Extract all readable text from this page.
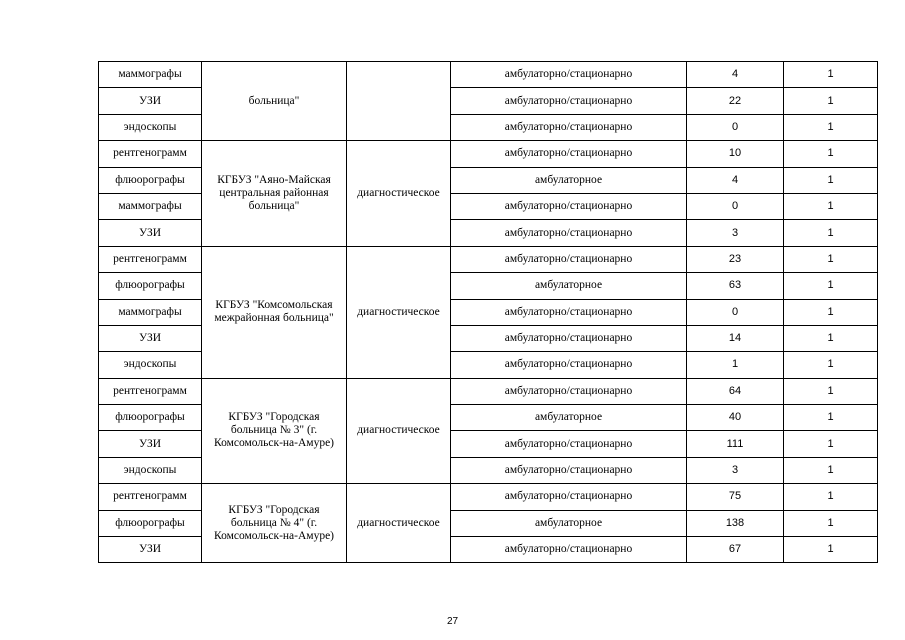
маммографы	больница"		амбулаторно/стационарно	4	1
УЗИ			амбулаторно/стационарно	22	1
эндоскопы			амбулаторно/стационарно	0	1
рентгенограмм	КГБУЗ "Аяно-Майская центральная районная больница"	диагностическое	амбулаторно/стационарно	10	1
флюорографы			амбулаторное	4	1
маммографы			амбулаторно/стационарно	0	1
УЗИ			амбулаторно/стационарно	3	1
рентгенограмм	КГБУЗ "Комсомольская межрайонная больница"	диагностическое	амбулаторно/стационарно	23	1
флюорографы			амбулаторное	63	1
маммографы			амбулаторно/стационарно	0	1
УЗИ			амбулаторно/стационарно	14	1
эндоскопы			амбулаторно/стационарно	1	1
рентгенограмм	КГБУЗ "Городская больница № 3" (г. Комсомольск-на-Амуре)	диагностическое	амбулаторно/стационарно	64	1
флюорографы			амбулаторное	40	1
УЗИ			амбулаторно/стационарно	111	1
эндоскопы			амбулаторно/стационарно	3	1
рентгенограмм	КГБУЗ "Городская больница № 4" (г. Комсомольск-на-Амуре)	диагностическое	амбулаторно/стационарно	75	1
флюорографы			амбулаторное	138	1
УЗИ			амбулаторно/стационарно	67	1
27
